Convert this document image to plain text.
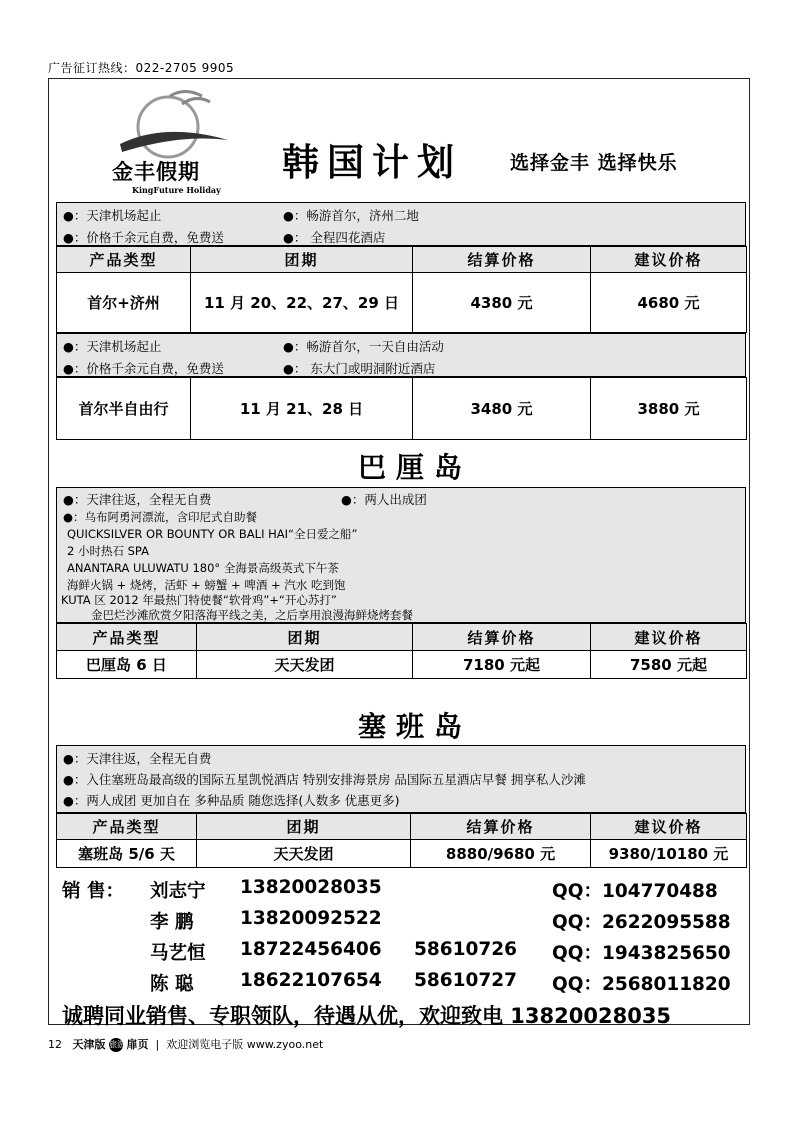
广告征订热线：022-2705 9905
金丰假期
KingFuture Holiday
韩国计划	选择金丰 选择快乐
●：天津机场起止	●：畅游首尔，济州二地
●：价格千余元自费，免费送	●： 全程四花酒店
产品类型	团期	结算价格	建议价格
首尔+济州	11 月 20、22、27、29 日	4380 元	4680 元
●：天津机场起止	●：畅游首尔，一天自由活动
●：价格千余元自费，免费送	●： 东大门或明洞附近酒店
首尔半自由行	11 月 21、28 日	3480 元	3880 元
巴厘岛
●：天津往返，全程无自费	●：两人出成团
●：乌布阿勇河漂流，含印尼式自助餐
QUICKSILVER OR BOUNTY OR BALI HAI“全日爱之船”
2 小时热石 SPA
ANANTARA ULUWATU 180° 全海景高级英式下午茶
海鲜火锅 + 烧烤，活虾 + 螃蟹 + 啤酒 + 汽水 吃到饱
KUTA 区 2012 年最热门特使餐“软骨鸡”+“开心苏打”
金巴烂沙滩欣赏夕阳落海平线之美，之后享用浪漫海鲜烧烤套餐
产品类型	团期	结算价格	建议价格
巴厘岛 6 日	天天发团	7180 元起	7580 元起
塞班岛
●：天津往返，全程无自费
●：入住塞班岛最高级的国际五星凯悦酒店 特别安排海景房 品国际五星酒店早餐 拥享私人沙滩
●：两人成团 更加自在 多种品质 随您选择(人数多 优惠更多)
产品类型	团期	结算价格	建议价格
塞班岛 5/6 天	天天发团	8880/9680 元	9380/10180 元
销 售： 刘志宁 13820028035	QQ：104770488
李 鹏	13820092522	QQ：2622095588
马艺恒 18722456406 58610726 QQ：1943825650
陈 聪	18622107654 58610727 QQ：2568011820
诚聘同业销售、专职领队，待遇从优，欢迎致电 13820028035
12 天津版 旅游 扉页  |  欢迎浏览电子版 www.zyoo.net
